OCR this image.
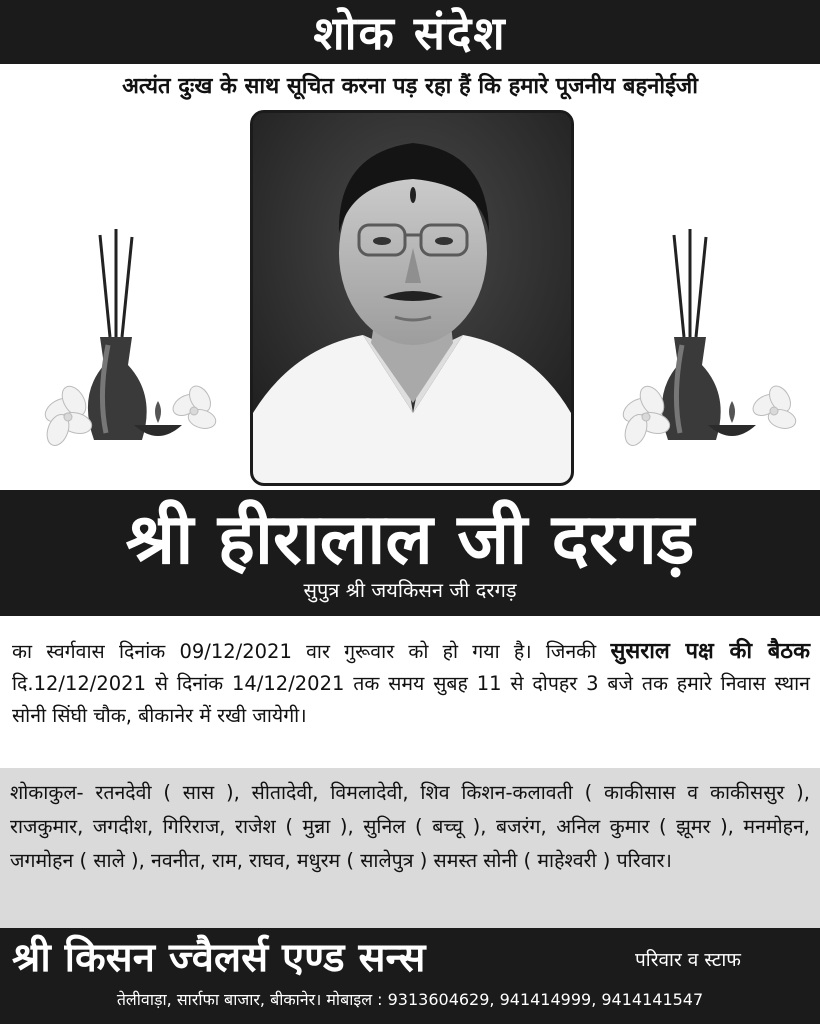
शोक संदेश
अत्यंत दुःख के साथ सूचित करना पड़ रहा हैं कि हमारे पूजनीय बहनोईजी
श्री हीरालाल जी दरगड़
सुपुत्र श्री जयकिसन जी दरगड़
का स्वर्गवास दिनांक 09/12/2021 वार गुरूवार को हो गया है। जिनकी सुसराल पक्ष की बैठक दि.12/12/2021 से दिनांक 14/12/2021 तक समय सुबह 11 से दोपहर 3 बजे तक हमारे निवास स्थान सोनी सिंघी चौक, बीकानेर में रखी जायेगी।
शोकाकुल- रतनदेवी ( सास ), सीतादेवी, विमलादेवी, शिव किशन-कलावती ( काकीसास व काकीससुर ), राजकुमार, जगदीश, गिरिराज, राजेश ( मुन्ना ), सुनिल ( बच्चू ), बजरंग, अनिल कुमार ( झूमर ), मनमोहन, जगमोहन ( साले ), नवनीत, राम, राघव, मधुरम ( सालेपुत्र ) समस्त सोनी ( माहेश्वरी ) परिवार।
श्री किसन ज्वैलर्स एण्ड सन्स	परिवार व स्टाफ
तेलीवाड़ा, सार्राफा बाजार, बीकानेर। मोबाइल : 9313604629, 941414999, 9414141547
